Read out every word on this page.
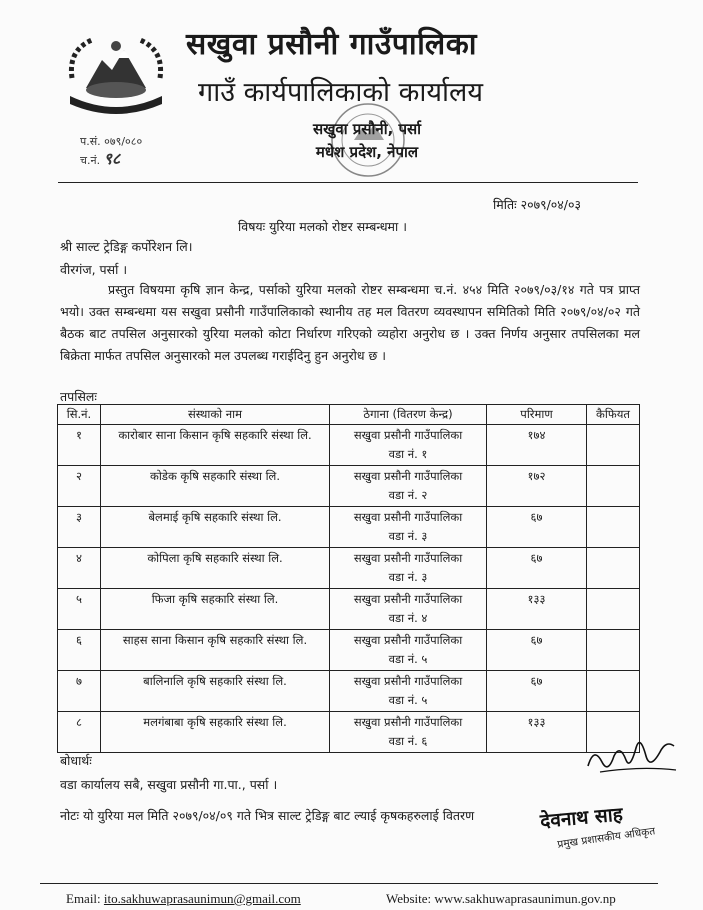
सखुवा प्रसौनी गाउँपालिका
गाउँ कार्यपालिकाको कार्यालय
सखुवा प्रसौनी, पर्सा
मधेश प्रदेश, नेपाल
प.सं. ०७९/०८०
च.नं. ९८
मितिः २०७९/०४/०३
विषयः युरिया मलको रोष्टर सम्बन्धमा ।
श्री साल्ट ट्रेडिङ्ग कर्पोरेशन लि।
वीरगंज, पर्सा ।
प्रस्तुत विषयमा कृषि ज्ञान केन्द्र, पर्साको युरिया मलको रोष्टर सम्बन्धमा च.नं. ४५४ मिति २०७९/०३/१४ गते पत्र प्राप्त भयो। उक्त सम्बन्धमा यस सखुवा प्रसौनी गाउँपालिकाको स्थानीय तह मल वितरण व्यवस्थापन समितिको मिति २०७९/०४/०२ गते बैठक बाट तपसिल अनुसारको युरिया मलको कोटा निर्धारण गरिएको व्यहोरा अनुरोध छ । उक्त निर्णय अनुसार तपसिलका मल बिक्रेता मार्फत तपसिल अनुसारको मल उपलब्ध गराईदिनु हुन अनुरोध छ ।
तपसिलः
सि.नं.	संस्थाको नाम	ठेगाना (वितरण केन्द्र)	परिमाण	कैफियत
१	कारोबार साना किसान कृषि सहकारि संस्था लि.	सखुवा प्रसौनी गाउँपालिका
वडा नं. १	१७४	
२	कोडेक कृषि सहकारि संस्था लि.	सखुवा प्रसौनी गाउँपालिका
वडा नं. २	१७२	
३	बेलमाई कृषि सहकारि संस्था लि.	सखुवा प्रसौनी गाउँपालिका
वडा नं. ३	६७	
४	कोपिला कृषि सहकारि संस्था लि.	सखुवा प्रसौनी गाउँपालिका
वडा नं. ३	६७	
५	फिजा कृषि सहकारि संस्था लि.	सखुवा प्रसौनी गाउँपालिका
वडा नं. ४	१३३	
६	साहस साना किसान कृषि सहकारि संस्था लि.	सखुवा प्रसौनी गाउँपालिका
वडा नं. ५	६७	
७	बालिनालि कृषि सहकारि संस्था लि.	सखुवा प्रसौनी गाउँपालिका
वडा नं. ५	६७	
८	मलगंबाबा कृषि सहकारि संस्था लि.	सखुवा प्रसौनी गाउँपालिका
वडा नं. ६	१३३	
बोधार्थः
वडा कार्यालय सबै, सखुवा प्रसौनी गा.पा., पर्सा ।
नोटः यो युरिया मल मिति २०७९/०४/०९ गते भित्र साल्ट ट्रेडिङ्ग बाट ल्याई कृषकहरुलाई वितरण	देवनाथ साह
प्रमुख प्रशासकीय अधिकृत
Email: ito.sakhuwaprasaunimun@gmail.com	Website: www.sakhuwaprasaunimun.gov.np
